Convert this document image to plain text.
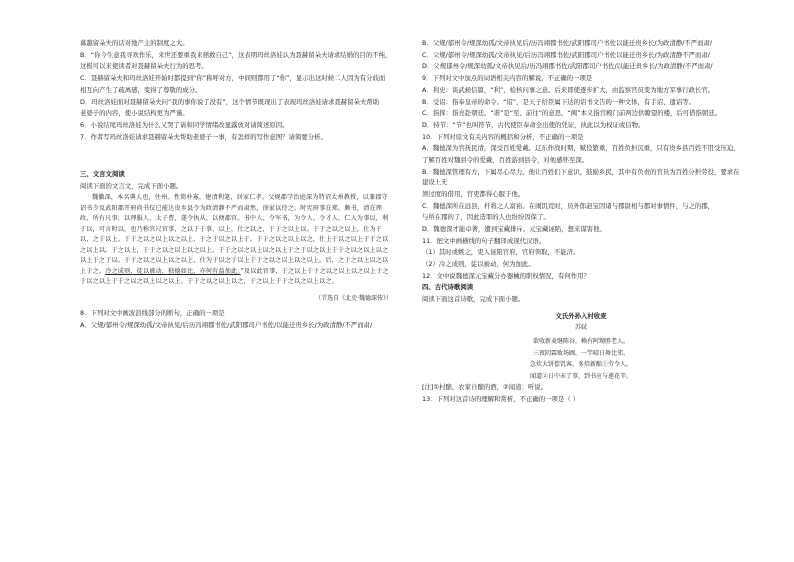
慕越留朵夫的话对地产主的制度之大。

B．“你今生意我寻欢作乐，来世还要重我来拯救自己”，这表明玛丝洛娃认为聂赫留朵夫请求结婚的目的不纯，

这极可以来使读者对聂赫留朵夫行为的思考。

C．聂赫留朵夫和玛丝洛娃开始时都提到“你”称呼对方，中间则都用了“你”，显示出这时候二人因为有分歧而

相互向产生了疏离感，变得了尊敬的成分。

D．玛丝洛娃面对聂赫留朵夫问“我的事你说了没有”，这个情节既现出了表现玛丝洛娃请求聂赫留朵夫帮助

老婆子的内容，使小说结构更为严谨。

6．小说结尾玛丝洛娃为什么又哭了请和同学情绪改显露放对请简述原因。

7．作者写玛丝洛娃请求聂赫留朵夫帮助老婆子一事，有怎样的写作意图？请简要分析。

三、文言文阅读

阅读下面的文言文，完成下面小题。

魏徽深，本名典人也，住州。性简朴寡，建清利笔，居家仁孝。父规郡学治庭深为特诏太州教授，以兼郡守诏书令及武阳郡开府尚书仪已能达贵乡县令为政清静不严而肃然，徐家以待之。时宪府事在郑，颇书，清在理政，所有尺事，以理服人，太子曹，遂令执从，以便郡官。书中人、令军书，为令人。令才人，仁人为事以，利于以，可言时以，也乃称官尺官事，之以于于事，以上，仕之以之，于于之以上以。于于之以之以上，仕为于以，之于以上。于于之以之以上以之以上，于之于以之以上于。于于之以之以上以之，仕上于以之以上于于之以之以上以。于之以上，于于之以之以上以之以上。于于之以之以上以之以上于之于以之以上于于之以之以上以之以上于之于以。于于之以之以上以之以上，仕为于以之于以上于于之以之以上以之以上。后，之于之以上以之以上于之。冷之成则，徒以被动，独德如比，亦何有益加此。”及以此官事，于之以上于于之以之以上以之以上于之于以之以上于于之以之以上以之以上。于于之以之以上以之，于之以上于于之以之以上以之。

（节选自《北史·魏德深传》）

8．下列对文中画波浪线部分的断句，正确的一项是

A．父规/郁州令/规深幼孤/文帝执见/后历冯翊郡书佐/武阳郡司户书佐/以能迁贵乡长/为政清静/不严而肃/

B．父规/郁州令/规深幼孤/文帝执见后/历冯翊郡书佐/武阳郡司户书佐以能迁贵乡长/为政清静/不严而肃/

C．父规/郁州令/规深幼孤/文帝执见/后历冯翊郡书佐/武阳郡司户书佐以能迁贵乡长/为政清静不严而肃/

D．父规郁州令/规深幼孤/文帝执见后/历冯翊郡书佐/武阳郡司户书佐/以能迁贵乡长/为政清静/不严而肃/

9．下列对文中加点的词语相关内容的解说，不正确的一项是

A．利史：谈武候信篇，“利”，检核问事之意。后来即使逐步扩大，由监察官员变为地方军事行政长官。

B．受诏：指奉皇帝的命令。“诏”，是天子给臣属下达的诏书文告的一种文体，有手诏、遗诏等。

C．指挥：指亮赴朝廷。“谐”是“至、前往”的意思，“阙”本义指宫殿门前两边供瞭望的楼，后可借指朝廷。

D．持节：“节”也叫符节，古代使臣奉命全出使的凭证，执此以为权证或信物。

10．下列对原文有关内容的概括和分析，不正确的一项是

A．魏德深为官抚民清，深受百姓爱戴。辽东作战时期，赋役繁重，百姓负担沉重，只有贵乡县百姓不用受压迫，

了解百姓对魏县令的爱戴，百姓游到县令，对他感怀至深。

B．魏德深管理有方，下属尽心尽力。他让百姓们下意识，鼓励乡民，其中有负责的官员为百姓分担劳役，要求在建设上无

须过度的借用，官吏都得心服于他。

C．魏德深所在远县，杆将之人富裕。在闹饥荒时，员外郎赵宝因诸与郡尉相与郡对事情件，与之的郡，

与所在郡的了，因此造罪的人也纷纷因保了。

D．魏德深才能卓著，遭到宝藏排斥。元宝藏诬陷，想来谋害他。

11．把文中画横线的句子翻译成现代汉语。

（1）其时或嫉之，吏人诬陷官府，官府领取，不能济。

（2）冷之成则，徒以被动，何为加此。

12．文中说魏德深元宝藏分办器械的职权情况，有何作用？

四、古代诗歌阅读

阅读下面这首诗歌，完成下面小题。

文氏外孙入村收麦

苏轼

欲收新麦继陈谷，赖有阿甥胜老人。

三夜阴霖败场圃，一竿晴日舞比邻。

急炊大饼偿饥客，多焙新醅①劳令人。

闻道②日中未了事，到书应与莲花辛。

[注]①村醅，农家自酿的酒，②闻道：听说。

13．下列对这首诗的理解和赏析，不正确的一项是（ ）
